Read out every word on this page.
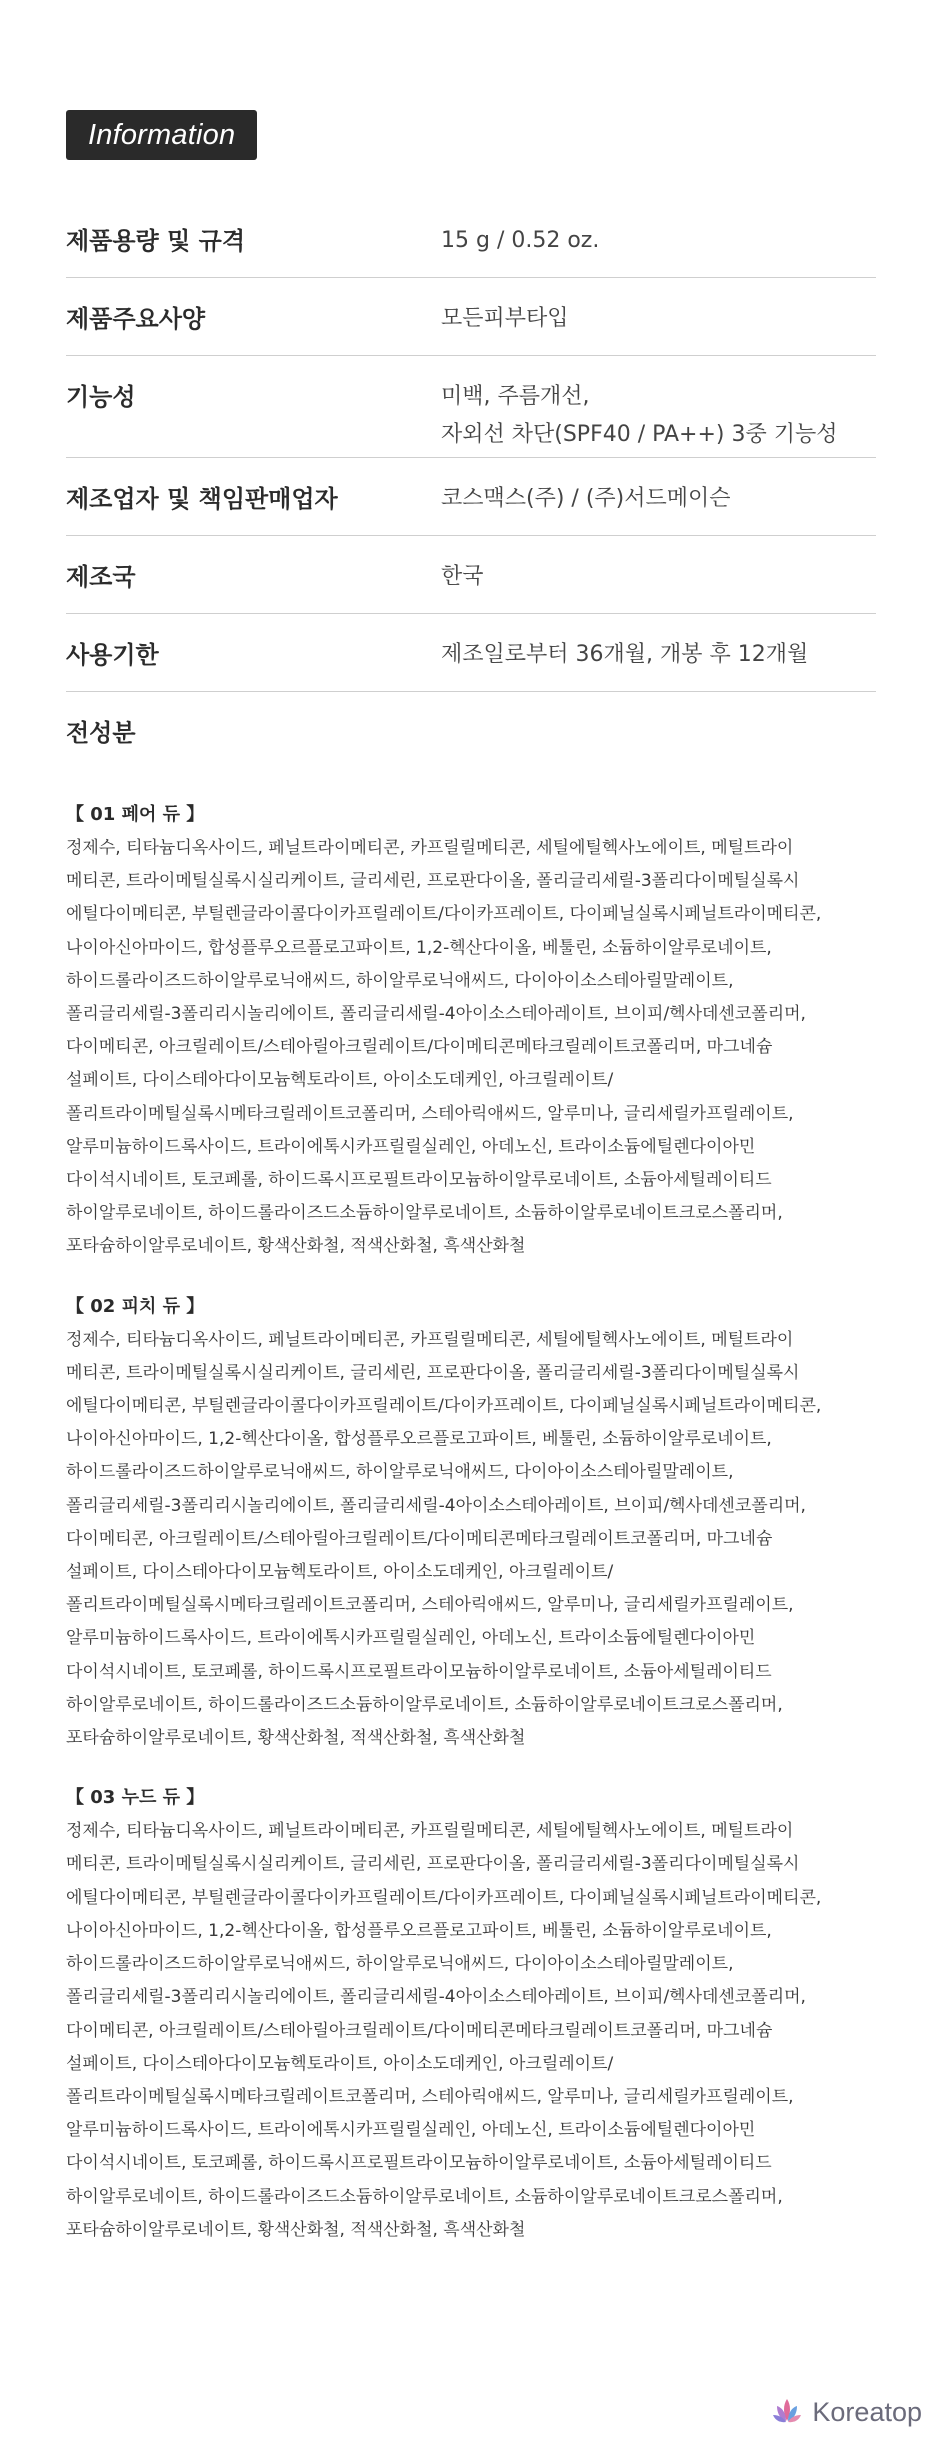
Information
제품용량 및 규격	15 g / 0.52 oz.
제품주요사양	모든피부타입
기능성	미백, 주름개선,
자외선 차단(SPF40 / PA++) 3중 기능성
제조업자 및 책임판매업자	코스맥스(주) / (주)서드메이슨
제조국	한국
사용기한	제조일로부터 36개월, 개봉 후 12개월
전성분
【 01 페어 듀 】
정제수, 티타늄디옥사이드, 페닐트라이메티콘, 카프릴릴메티콘, 세틸에틸헥사노에이트, 메틸트라이
메티콘, 트라이메틸실록시실리케이트, 글리세린, 프로판다이올, 폴리글리세릴-3폴리다이메틸실록시
에틸다이메티콘, 부틸렌글라이콜다이카프릴레이트/다이카프레이트, 다이페닐실록시페닐트라이메티콘,
나이아신아마이드, 합성플루오르플로고파이트, 1,2-헥산다이올, 베툴린, 소듐하이알루로네이트,
하이드롤라이즈드하이알루로닉애씨드, 하이알루로닉애씨드, 다이아이소스테아릴말레이트,
폴리글리세릴-3폴리리시놀리에이트, 폴리글리세릴-4아이소스테아레이트, 브이피/헥사데센코폴리머,
다이메티콘, 아크릴레이트/스테아릴아크릴레이트/다이메티콘메타크릴레이트코폴리머, 마그네슘
설페이트, 다이스테아다이모늄헥토라이트, 아이소도데케인, 아크릴레이트/
폴리트라이메틸실록시메타크릴레이트코폴리머, 스테아릭애씨드, 알루미나, 글리세릴카프릴레이트,
알루미늄하이드록사이드, 트라이에톡시카프릴릴실레인, 아데노신, 트라이소듐에틸렌다이아민
다이석시네이트, 토코페롤, 하이드록시프로필트라이모늄하이알루로네이트, 소듐아세틸레이티드
하이알루로네이트, 하이드롤라이즈드소듐하이알루로네이트, 소듐하이알루로네이트크로스폴리머,
포타슘하이알루로네이트, 황색산화철, 적색산화철, 흑색산화철
【 02 피치 듀 】
정제수, 티타늄디옥사이드, 페닐트라이메티콘, 카프릴릴메티콘, 세틸에틸헥사노에이트, 메틸트라이
메티콘, 트라이메틸실록시실리케이트, 글리세린, 프로판다이올, 폴리글리세릴-3폴리다이메틸실록시
에틸다이메티콘, 부틸렌글라이콜다이카프릴레이트/다이카프레이트, 다이페닐실록시페닐트라이메티콘,
나이아신아마이드, 1,2-헥산다이올, 합성플루오르플로고파이트, 베툴린, 소듐하이알루로네이트,
하이드롤라이즈드하이알루로닉애씨드, 하이알루로닉애씨드, 다이아이소스테아릴말레이트,
폴리글리세릴-3폴리리시놀리에이트, 폴리글리세릴-4아이소스테아레이트, 브이피/헥사데센코폴리머,
다이메티콘, 아크릴레이트/스테아릴아크릴레이트/다이메티콘메타크릴레이트코폴리머, 마그네슘
설페이트, 다이스테아다이모늄헥토라이트, 아이소도데케인, 아크릴레이트/
폴리트라이메틸실록시메타크릴레이트코폴리머, 스테아릭애씨드, 알루미나, 글리세릴카프릴레이트,
알루미늄하이드록사이드, 트라이에톡시카프릴릴실레인, 아데노신, 트라이소듐에틸렌다이아민
다이석시네이트, 토코페롤, 하이드록시프로필트라이모늄하이알루로네이트, 소듐아세틸레이티드
하이알루로네이트, 하이드롤라이즈드소듐하이알루로네이트, 소듐하이알루로네이트크로스폴리머,
포타슘하이알루로네이트, 황색산화철, 적색산화철, 흑색산화철
【 03 누드 듀 】
정제수, 티타늄디옥사이드, 페닐트라이메티콘, 카프릴릴메티콘, 세틸에틸헥사노에이트, 메틸트라이
메티콘, 트라이메틸실록시실리케이트, 글리세린, 프로판다이올, 폴리글리세릴-3폴리다이메틸실록시
에틸다이메티콘, 부틸렌글라이콜다이카프릴레이트/다이카프레이트, 다이페닐실록시페닐트라이메티콘,
나이아신아마이드, 1,2-헥산다이올, 합성플루오르플로고파이트, 베툴린, 소듐하이알루로네이트,
하이드롤라이즈드하이알루로닉애씨드, 하이알루로닉애씨드, 다이아이소스테아릴말레이트,
폴리글리세릴-3폴리리시놀리에이트, 폴리글리세릴-4아이소스테아레이트, 브이피/헥사데센코폴리머,
다이메티콘, 아크릴레이트/스테아릴아크릴레이트/다이메티콘메타크릴레이트코폴리머, 마그네슘
설페이트, 다이스테아다이모늄헥토라이트, 아이소도데케인, 아크릴레이트/
폴리트라이메틸실록시메타크릴레이트코폴리머, 스테아릭애씨드, 알루미나, 글리세릴카프릴레이트,
알루미늄하이드록사이드, 트라이에톡시카프릴릴실레인, 아데노신, 트라이소듐에틸렌다이아민
다이석시네이트, 토코페롤, 하이드록시프로필트라이모늄하이알루로네이트, 소듐아세틸레이티드
하이알루로네이트, 하이드롤라이즈드소듐하이알루로네이트, 소듐하이알루로네이트크로스폴리머,
포타슘하이알루로네이트, 황색산화철, 적색산화철, 흑색산화철
Koreatop
